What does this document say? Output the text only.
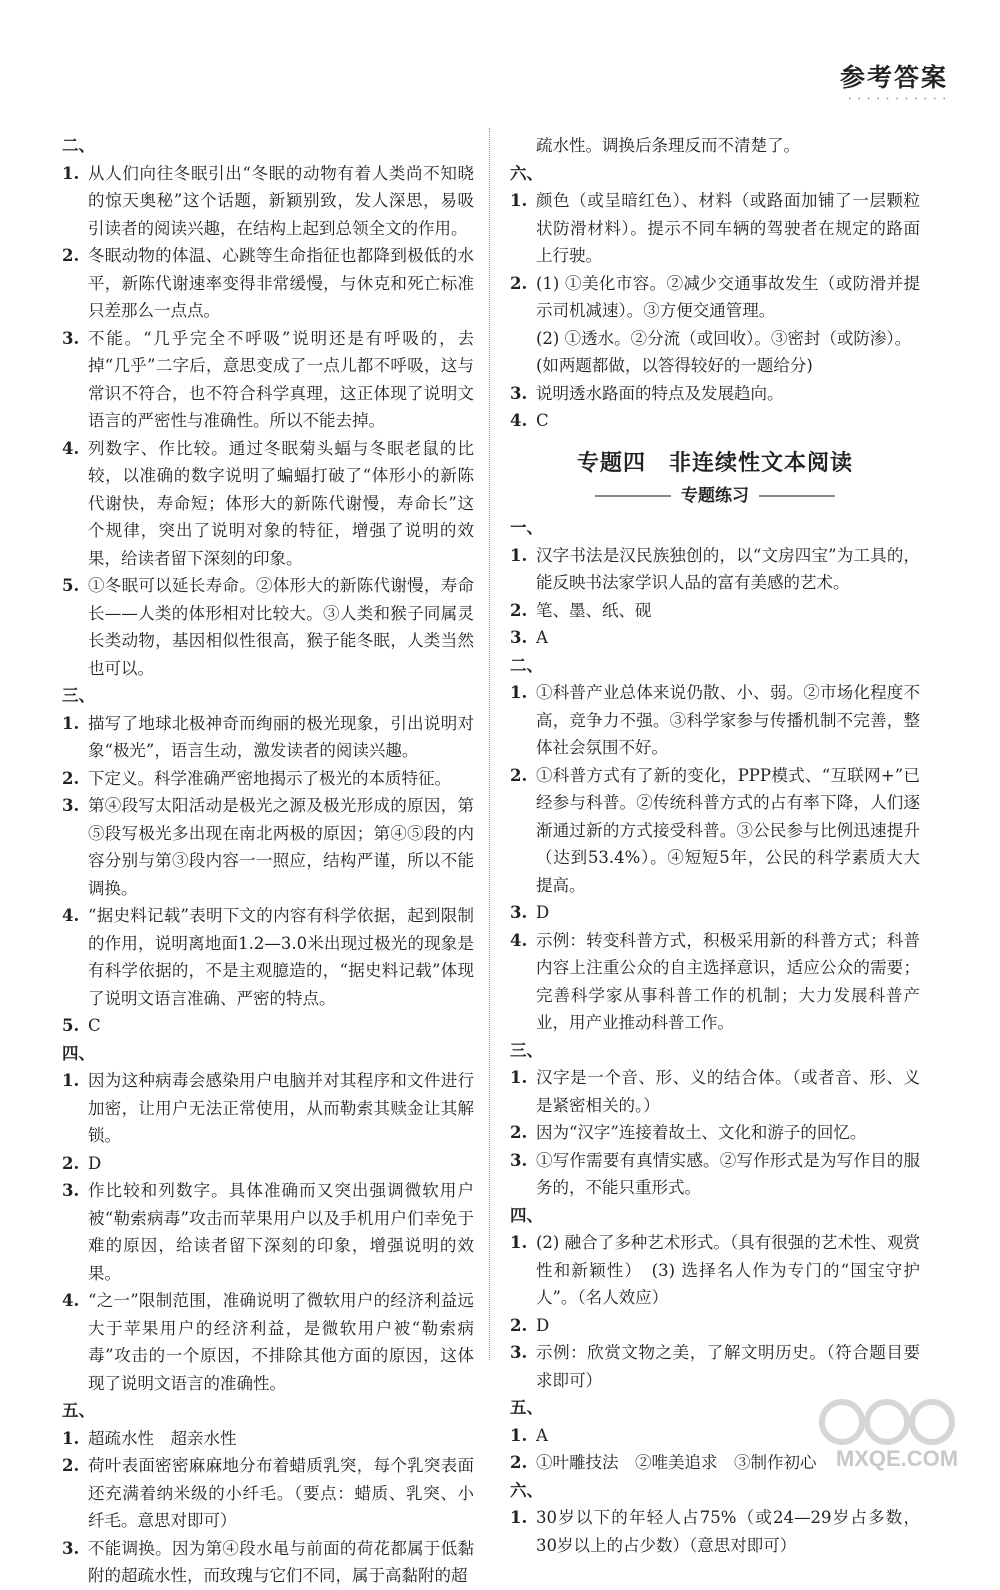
参考答案
• • • • • • • • • • •
二、
1. 从人们向往冬眠引出“冬眠的动物有着人类尚不知晓的惊天奥秘”这个话题，新颖别致，发人深思，易吸引读者的阅读兴趣，在结构上起到总领全文的作用。
2. 冬眠动物的体温、心跳等生命指征也都降到极低的水平，新陈代谢速率变得非常缓慢，与休克和死亡标准只差那么一点点。
3. 不能。“几乎完全不呼吸”说明还是有呼吸的，去掉“几乎”二字后，意思变成了一点儿都不呼吸，这与常识不符合，也不符合科学真理，这正体现了说明文语言的严密性与准确性。所以不能去掉。
4. 列数字、作比较。通过冬眠菊头蝠与冬眠老鼠的比较，以准确的数字说明了蝙蝠打破了“体形小的新陈代谢快，寿命短；体形大的新陈代谢慢，寿命长”这个规律，突出了说明对象的特征，增强了说明的效果，给读者留下深刻的印象。
5. ①冬眠可以延长寿命。②体形大的新陈代谢慢，寿命长——人类的体形相对比较大。③人类和猴子同属灵长类动物，基因相似性很高，猴子能冬眠，人类当然也可以。
三、
1. 描写了地球北极神奇而绚丽的极光现象，引出说明对象“极光”，语言生动，激发读者的阅读兴趣。
2. 下定义。科学准确严密地揭示了极光的本质特征。
3. 第④段写太阳活动是极光之源及极光形成的原因，第⑤段写极光多出现在南北两极的原因；第④⑤段的内容分别与第③段内容一一照应，结构严谨，所以不能调换。
4. “据史料记载”表明下文的内容有科学依据，起到限制的作用，说明离地面1.2—3.0米出现过极光的现象是有科学依据的，不是主观臆造的，“据史料记载”体现了说明文语言准确、严密的特点。
5. C
四、
1. 因为这种病毒会感染用户电脑并对其程序和文件进行加密，让用户无法正常使用，从而勒索其赎金让其解锁。
2. D
3. 作比较和列数字。具体准确而又突出强调微软用户被“勒索病毒”攻击而苹果用户以及手机用户们幸免于难的原因，给读者留下深刻的印象，增强说明的效果。
4. “之一”限制范围，准确说明了微软用户的经济利益远大于苹果用户的经济利益，是微软用户被“勒索病毒”攻击的一个原因，不排除其他方面的原因，这体现了说明文语言的准确性。
五、
1. 超疏水性　超亲水性
2. 荷叶表面密密麻麻地分布着蜡质乳突，每个乳突表面还充满着纳米级的小纤毛。（要点：蜡质、乳突、小纤毛。意思对即可）
3. 不能调换。因为第④段水黾与前面的荷花都属于低黏附的超疏水性，而玫瑰与它们不同，属于高黏附的超
疏水性。调换后条理反而不清楚了。
六、
1. 颜色（或呈暗红色）、材料（或路面加铺了一层颗粒状防滑材料）。提示不同车辆的驾驶者在规定的路面上行驶。
2. (1) ①美化市容。②减少交通事故发生（或防滑并提示司机减速）。③方便交通管理。
(2) ①透水。②分流（或回收）。③密封（或防渗）。
(如两题都做，以答得较好的一题给分)
3. 说明透水路面的特点及发展趋向。
4. C
专题四　非连续性文本阅读
专题练习
一、
1. 汉字书法是汉民族独创的，以“文房四宝”为工具的，能反映书法家学识人品的富有美感的艺术。
2. 笔、墨、纸、砚
3. A
二、
1. ①科普产业总体来说仍散、小、弱。②市场化程度不高，竞争力不强。③科学家参与传播机制不完善，整体社会氛围不好。
2. ①科普方式有了新的变化，PPP模式、“互联网+”已经参与科普。②传统科普方式的占有率下降，人们逐渐通过新的方式接受科普。③公民参与比例迅速提升（达到53.4%）。④短短5年，公民的科学素质大大提高。
3. D
4. 示例：转变科普方式，积极采用新的科普方式；科普内容上注重公众的自主选择意识，适应公众的需要；完善科学家从事科普工作的机制；大力发展科普产业，用产业推动科普工作。
三、
1. 汉字是一个音、形、义的结合体。（或者音、形、义是紧密相关的。）
2. 因为“汉字”连接着故土、文化和游子的回忆。
3. ①写作需要有真情实感。②写作形式是为写作目的服务的，不能只重形式。
四、
1. (2) 融合了多种艺术形式。（具有很强的艺术性、观赏性和新颖性）　(3) 选择名人作为专门的“国宝守护人”。（名人效应）
2. D
3. 示例：欣赏文物之美，了解文明历史。（符合题目要求即可）
五、
1. A
2. ①叶雕技法　②唯美追求　③制作初心
六、
1. 30岁以下的年轻人占75%（或24—29岁占多数，30岁以上的占少数）（意思对即可）
MXQE.COM
